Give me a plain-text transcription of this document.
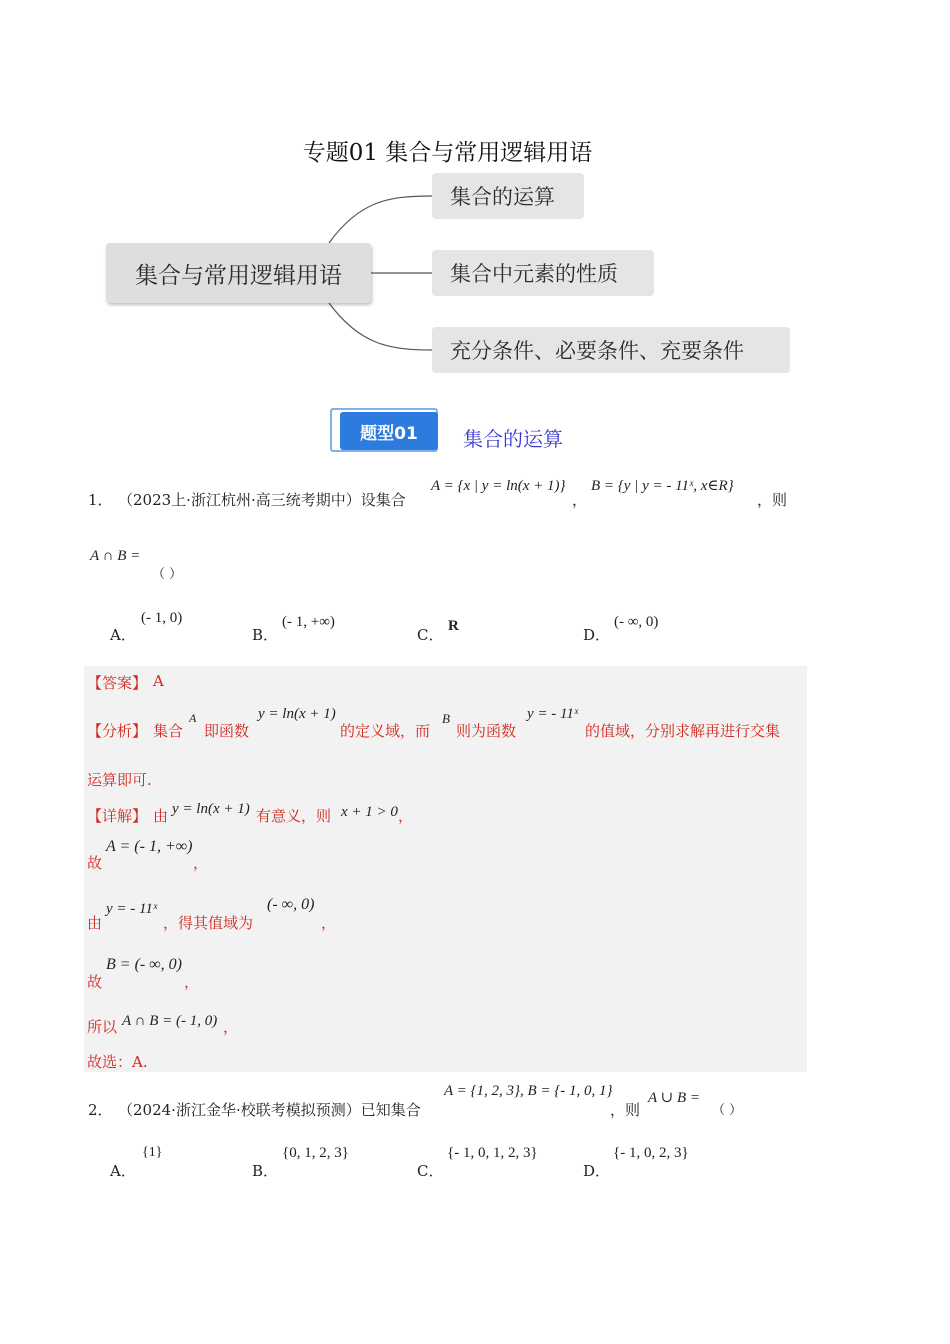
专题01 集合与常用逻辑用语
集合与常用逻辑用语
集合的运算
集合中元素的性质
充分条件、必要条件、充要条件
题型01	集合的运算
1． （2023上·浙江杭州·高三统考期中）设集合
A = {x | y = ln(x + 1)}
，
B = {y | y = - 11ˣ, x∈R}
，则
A ∩ B =
（ ）
A．
(- 1, 0)
B．
(- 1, +∞)
C． R	D．
(- ∞, 0)
【答案】 A
【分析】 集合
A
即函数
y = ln(x + 1)
的定义域，而
B
则为函数
y = - 11ˣ
的值域，分别求解再进行交集
运算即可.
【详解】 由 y = ln(x + 1) 有意义，则 x + 1 > 0 ，
故
A = (- 1, +∞)
，
由
y = - 11ˣ
，得其值域为
(- ∞, 0)
，
故
B = (- ∞, 0)
，
所以 A ∩ B = (- 1, 0) ，
故选：A.
2． （2024·浙江金华·校联考模拟预测）已知集合
A = {1, 2, 3}, B = {- 1, 0, 1}
，则
A ∪ B =
（ ）
A．
{1}
B．
{0, 1, 2, 3}
C．
{- 1, 0, 1, 2, 3}
D．
{- 1, 0, 2, 3}
